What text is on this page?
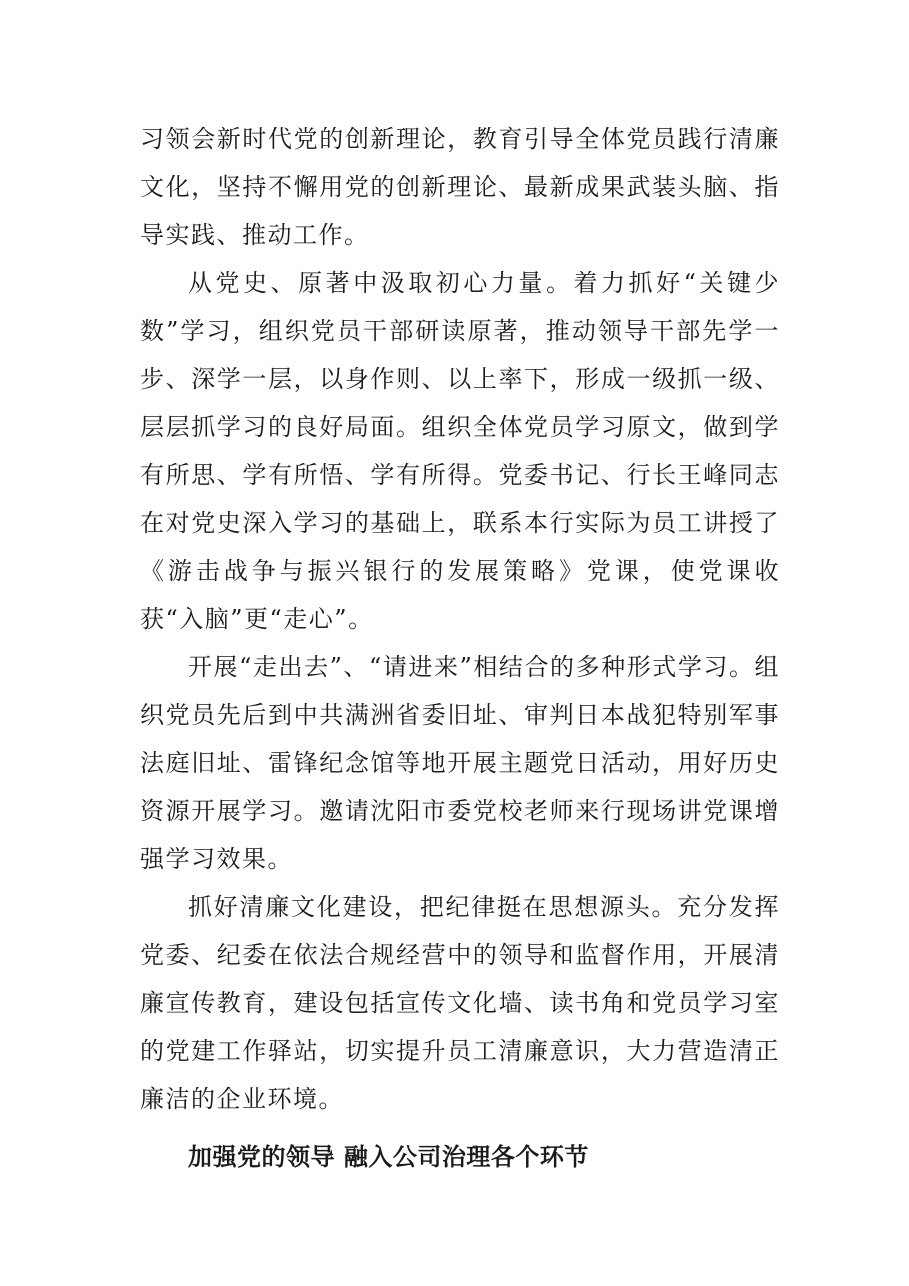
习领会新时代党的创新理论，教育引导全体党员践行清廉文化，坚持不懈用党的创新理论、最新成果武装头脑、指导实践、推动工作。

从党史、原著中汲取初心力量。着力抓好“关键少数”学习，组织党员干部研读原著，推动领导干部先学一步、深学一层，以身作则、以上率下，形成一级抓一级、层层抓学习的良好局面。组织全体党员学习原文，做到学有所思、学有所悟、学有所得。党委书记、行长王峰同志在对党史深入学习的基础上，联系本行实际为员工讲授了《游击战争与振兴银行的发展策略》党课，使党课收获“入脑”更“走心”。

开展“走出去”、“请进来”相结合的多种形式学习。组织党员先后到中共满洲省委旧址、审判日本战犯特别军事法庭旧址、雷锋纪念馆等地开展主题党日活动，用好历史资源开展学习。邀请沈阳市委党校老师来行现场讲党课增强学习效果。

抓好清廉文化建设，把纪律挺在思想源头。充分发挥党委、纪委在依法合规经营中的领导和监督作用，开展清廉宣传教育，建设包括宣传文化墙、读书角和党员学习室的党建工作驿站，切实提升员工清廉意识，大力营造清正廉洁的企业环境。

加强党的领导 融入公司治理各个环节
